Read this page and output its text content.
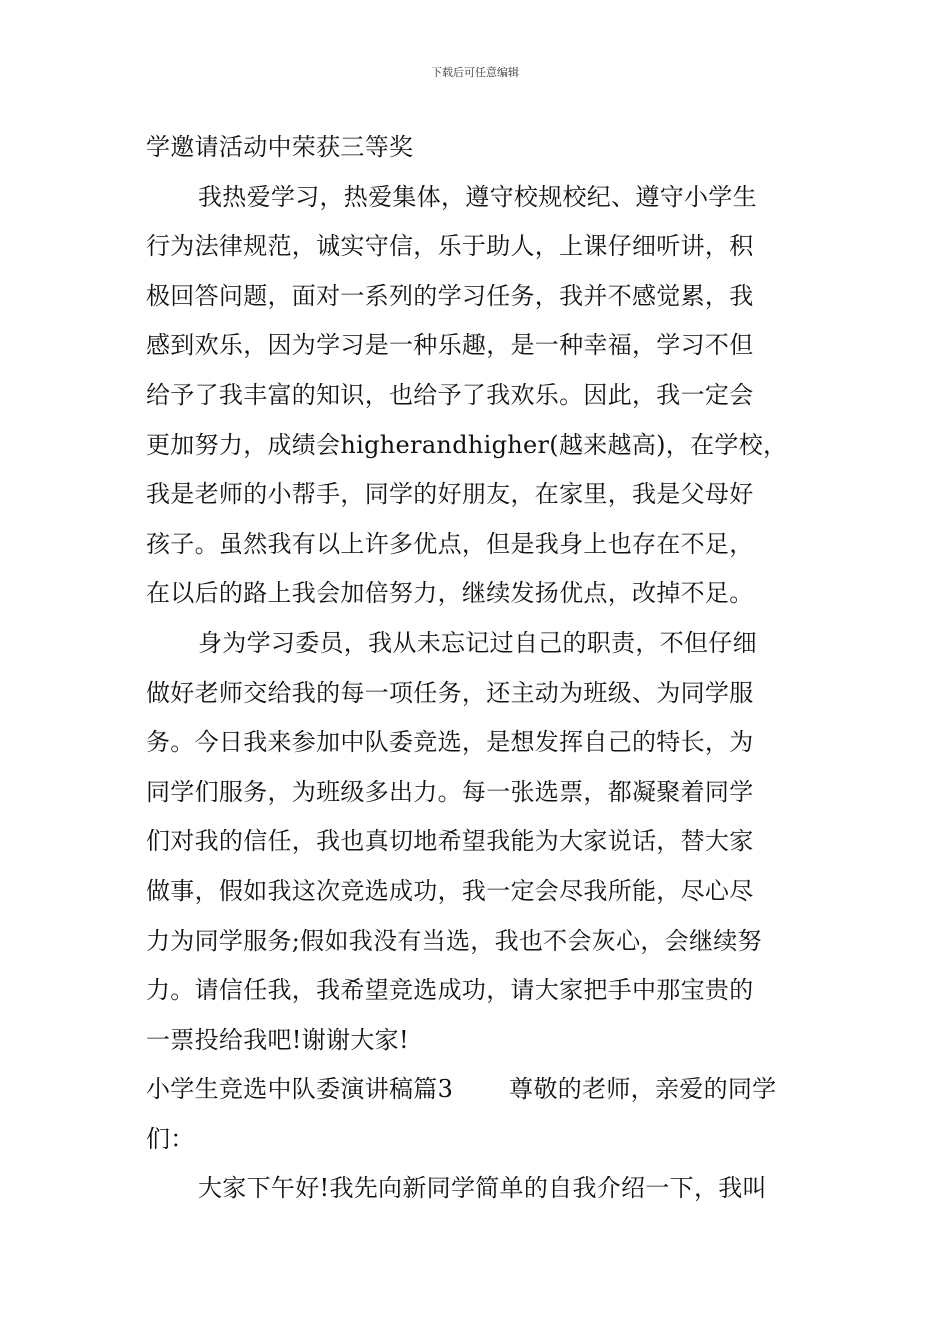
下载后可任意编辑
学邀请活动中荣获三等奖
我热爱学习，热爱集体，遵守校规校纪、遵守小学生
行为法律规范，诚实守信，乐于助人，上课仔细听讲，积
极回答问题，面对一系列的学习任务，我并不感觉累，我
感到欢乐，因为学习是一种乐趣，是一种幸福，学习不但
给予了我丰富的知识，也给予了我欢乐。因此，我一定会
更加努力，成绩会higherandhigher(越来越高)，在学校，
我是老师的小帮手，同学的好朋友，在家里，我是父母好
孩子。虽然我有以上许多优点，但是我身上也存在不足，
在以后的路上我会加倍努力，继续发扬优点，改掉不足。
身为学习委员，我从未忘记过自己的职责，不但仔细
做好老师交给我的每一项任务，还主动为班级、为同学服
务。今日我来参加中队委竞选，是想发挥自己的特长，为
同学们服务，为班级多出力。每一张选票，都凝聚着同学
们对我的信任，我也真切地希望我能为大家说话，替大家
做事，假如我这次竞选成功，我一定会尽我所能，尽心尽
力为同学服务;假如我没有当选，我也不会灰心，会继续努
力。请信任我，我希望竞选成功，请大家把手中那宝贵的
一票投给我吧!谢谢大家!
小学生竞选中队委演讲稿篇3 尊敬的老师，亲爱的同学
们：
大家下午好!我先向新同学简单的自我介绍一下，我叫
